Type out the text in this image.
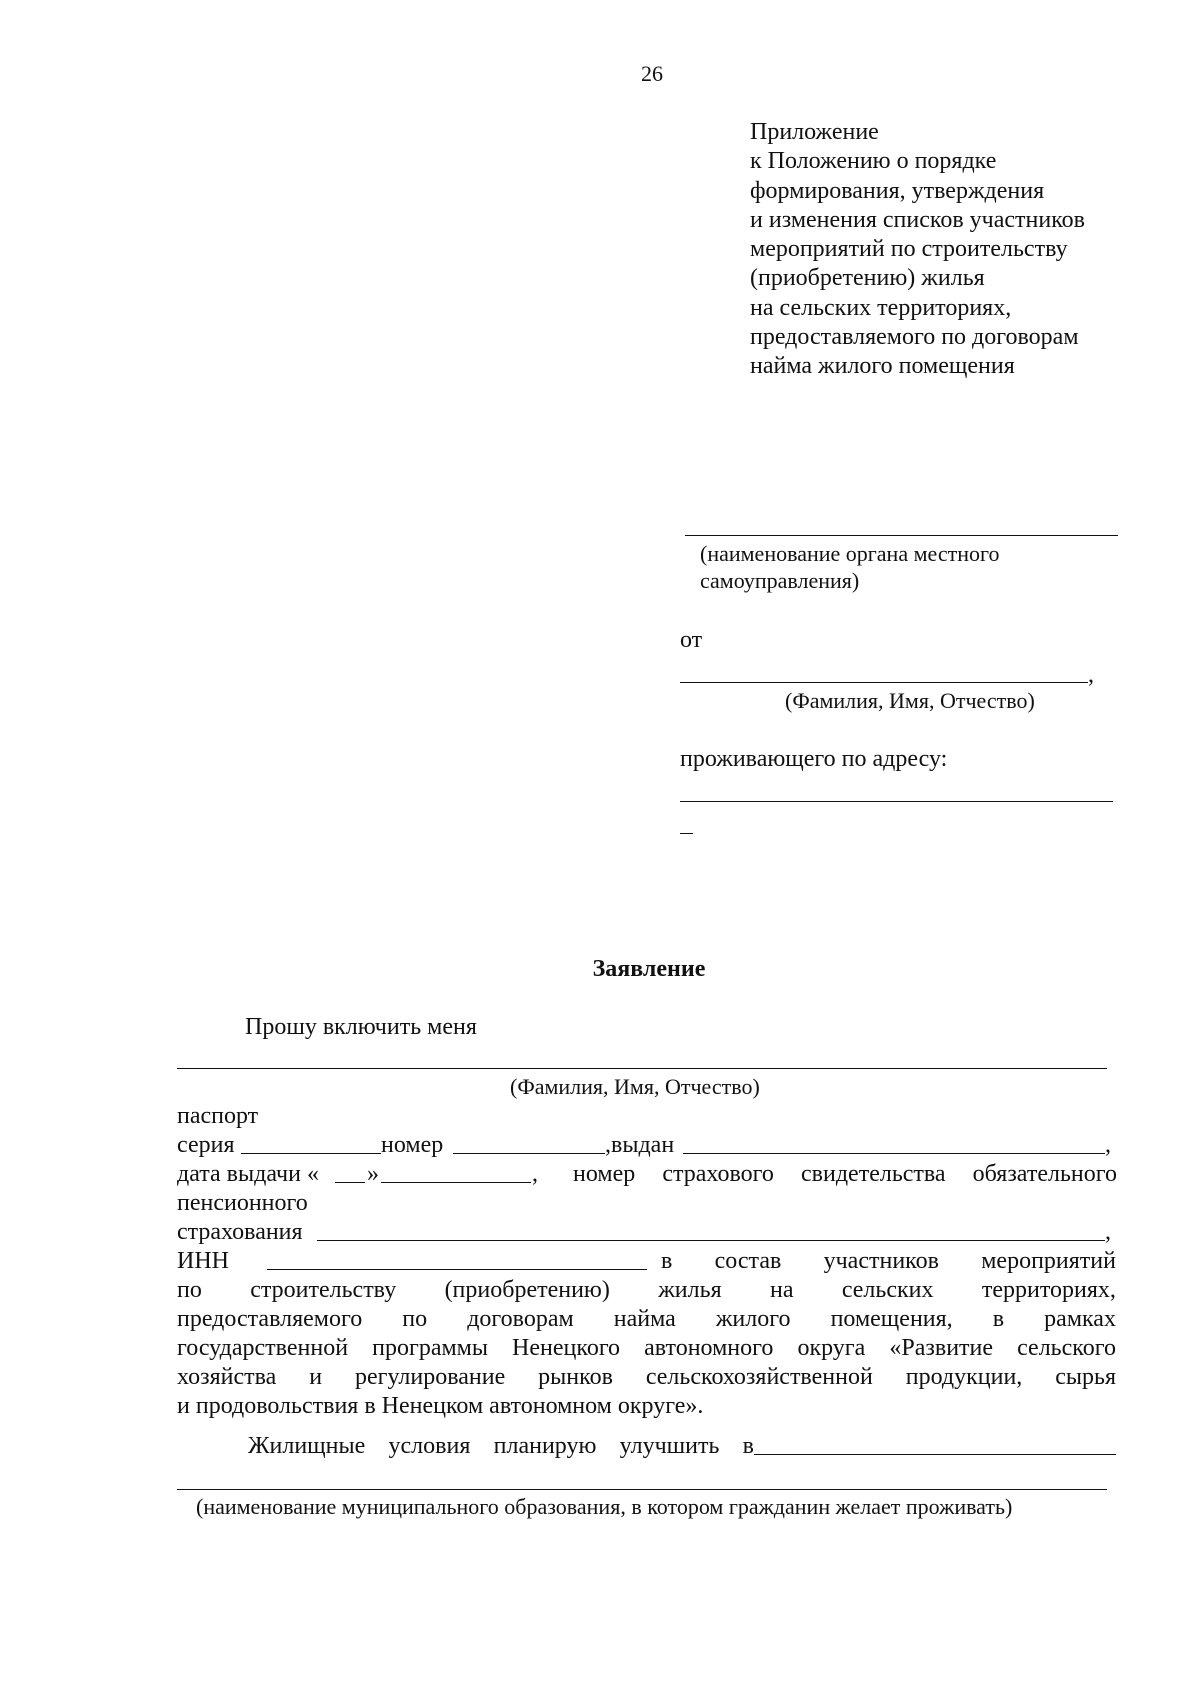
26
Приложение
к Положению о порядке
формирования, утверждения
и изменения списков участников
мероприятий по строительству
(приобретению) жилья
на сельских территориях,
предоставляемого по договорам
найма жилого помещения
(наименование органа местного
самоуправления)
от
,
(Фамилия, Имя, Отчество)
проживающего по адресу:
Заявление
Прошу включить меня
(Фамилия, Имя, Отчество)
паспорт
серия	номер	,выдан	,
дата выдачи « »	, номер страхового свидетельства обязательного
пенсионного
страхования	,
ИНН	в состав участников мероприятий
по строительству (приобретению) жилья на сельских территориях,
предоставляемого по договорам найма жилого помещения, в рамках
государственной программы Ненецкого автономного округа «Развитие сельского
хозяйства и регулирование рынков сельскохозяйственной продукции, сырья
и продовольствия в Ненецком автономном округе».
Жилищные условия планирую улучшить в
(наименование муниципального образования, в котором гражданин желает проживать)
